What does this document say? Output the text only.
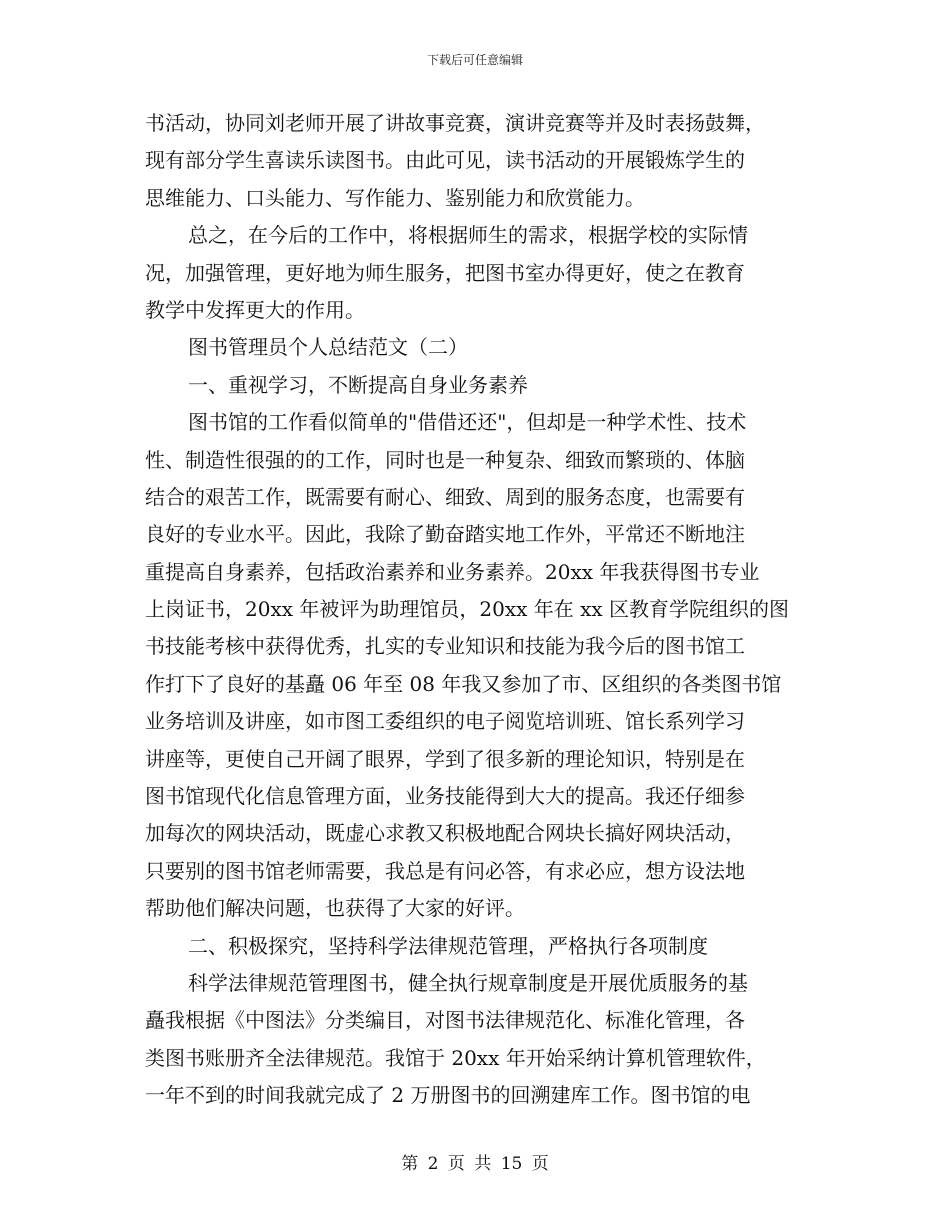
下载后可任意编辑
书活动，协同刘老师开展了讲故事竞赛，演讲竞赛等并及时表扬鼓舞，
现有部分学生喜读乐读图书。由此可见，读书活动的开展锻炼学生的
思维能力、口头能力、写作能力、鉴别能力和欣赏能力。
总之，在今后的工作中，将根据师生的需求，根据学校的实际情
况，加强管理，更好地为师生服务，把图书室办得更好，使之在教育
教学中发挥更大的作用。
图书管理员个人总结范文（二）
一、重视学习，不断提高自身业务素养
图书馆的工作看似简单的"借借还还"，但却是一种学术性、技术
性、制造性很强的的工作，同时也是一种复杂、细致而繁琐的、体脑
结合的艰苦工作，既需要有耐心、细致、周到的服务态度，也需要有
良好的专业水平。因此，我除了勤奋踏实地工作外，平常还不断地注
重提高自身素养，包括政治素养和业务素养。20xx 年我获得图书专业
上岗证书，20xx 年被评为助理馆员，20xx 年在 xx 区教育学院组织的图
书技能考核中获得优秀，扎实的专业知识和技能为我今后的图书馆工
作打下了良好的基矗 06 年至 08 年我又参加了市、区组织的各类图书馆
业务培训及讲座，如市图工委组织的电子阅览培训班、馆长系列学习
讲座等，更使自己开阔了眼界，学到了很多新的理论知识，特别是在
图书馆现代化信息管理方面，业务技能得到大大的提高。我还仔细参
加每次的网块活动，既虚心求教又积极地配合网块长搞好网块活动，
只要别的图书馆老师需要，我总是有问必答，有求必应，想方设法地
帮助他们解决问题，也获得了大家的好评。
二、积极探究，坚持科学法律规范管理，严格执行各项制度
科学法律规范管理图书，健全执行规章制度是开展优质服务的基
矗我根据《中图法》分类编目，对图书法律规范化、标准化管理，各
类图书账册齐全法律规范。我馆于 20xx 年开始采纳计算机管理软件，
一年不到的时间我就完成了 2 万册图书的回溯建库工作。图书馆的电
第 2 页 共 15 页
